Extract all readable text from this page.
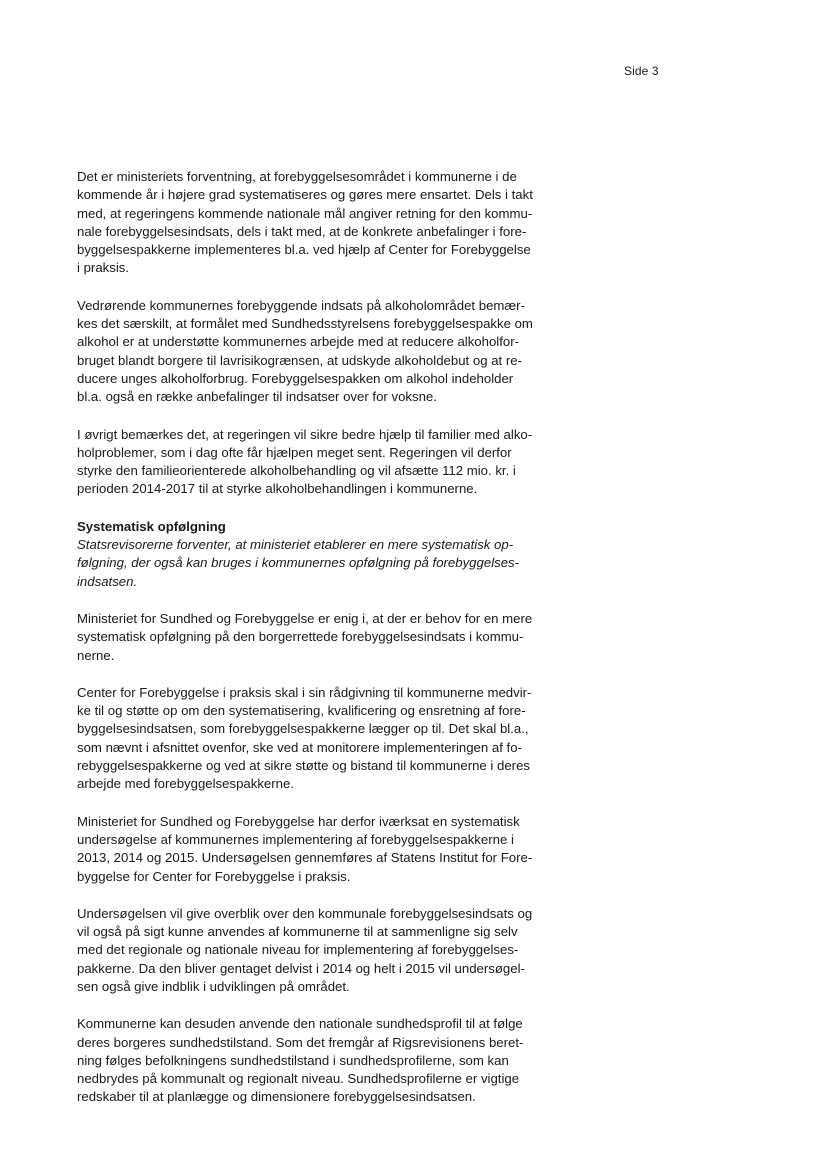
Side 3

Det er ministeriets forventning, at forebyggelsesområdet i kommunerne i de
kommende år i højere grad systematiseres og gøres mere ensartet. Dels i takt
med, at regeringens kommende nationale mål angiver retning for den kommu-
nale forebyggelsesindsats, dels i takt med, at de konkrete anbefalinger i fore-
byggelsespakkerne implementeres bl.a. ved hjælp af Center for Forebyggelse
i praksis.

Vedrørende kommunernes forebyggende indsats på alkoholområdet bemær-
kes det særskilt, at formålet med Sundhedsstyrelsens forebyggelsespakke om
alkohol er at understøtte kommunernes arbejde med at reducere alkoholfor-
bruget blandt borgere til lavrisikogrænsen, at udskyde alkoholdebut og at re-
ducere unges alkoholforbrug. Forebyggelsespakken om alkohol indeholder
bl.a. også en række anbefalinger til indsatser over for voksne.

I øvrigt bemærkes det, at regeringen vil sikre bedre hjælp til familier med alko-
holproblemer, som i dag ofte får hjælpen meget sent. Regeringen vil derfor
styrke den familieorienterede alkoholbehandling og vil afsætte 112 mio. kr. i
perioden 2014-2017 til at styrke alkoholbehandlingen i kommunerne.

Systematisk opfølgning

Statsrevisorerne forventer, at ministeriet etablerer en mere systematisk op-
følgning, der også kan bruges i kommunernes opfølgning på forebyggelses-
indsatsen.

Ministeriet for Sundhed og Forebyggelse er enig i, at der er behov for en mere
systematisk opfølgning på den borgerrettede forebyggelsesindsats i kommu-
nerne.

Center for Forebyggelse i praksis skal i sin rådgivning til kommunerne medvir-
ke til og støtte op om den systematisering, kvalificering og ensretning af fore-
byggelsesindsatsen, som forebyggelsespakkerne lægger op til. Det skal bl.a.,
som nævnt i afsnittet ovenfor, ske ved at monitorere implementeringen af fo-
rebyggelsespakkerne og ved at sikre støtte og bistand til kommunerne i deres
arbejde med forebyggelsespakkerne.

Ministeriet for Sundhed og Forebyggelse har derfor iværksat en systematisk
undersøgelse af kommunernes implementering af forebyggelsespakkerne i
2013, 2014 og 2015. Undersøgelsen gennemføres af Statens Institut for Fore-
byggelse for Center for Forebyggelse i praksis.

Undersøgelsen vil give overblik over den kommunale forebyggelsesindsats og
vil også på sigt kunne anvendes af kommunerne til at sammenligne sig selv
med det regionale og nationale niveau for implementering af forebyggelses-
pakkerne. Da den bliver gentaget delvist i 2014 og helt i 2015 vil undersøgel-
sen også give indblik i udviklingen på området.

Kommunerne kan desuden anvende den nationale sundhedsprofil til at følge
deres borgeres sundhedstilstand. Som det fremgår af Rigsrevisionens beret-
ning følges befolkningens sundhedstilstand i sundhedsprofilerne, som kan
nedbrydes på kommunalt og regionalt niveau. Sundhedsprofilerne er vigtige
redskaber til at planlægge og dimensionere forebyggelsesindsatsen.
